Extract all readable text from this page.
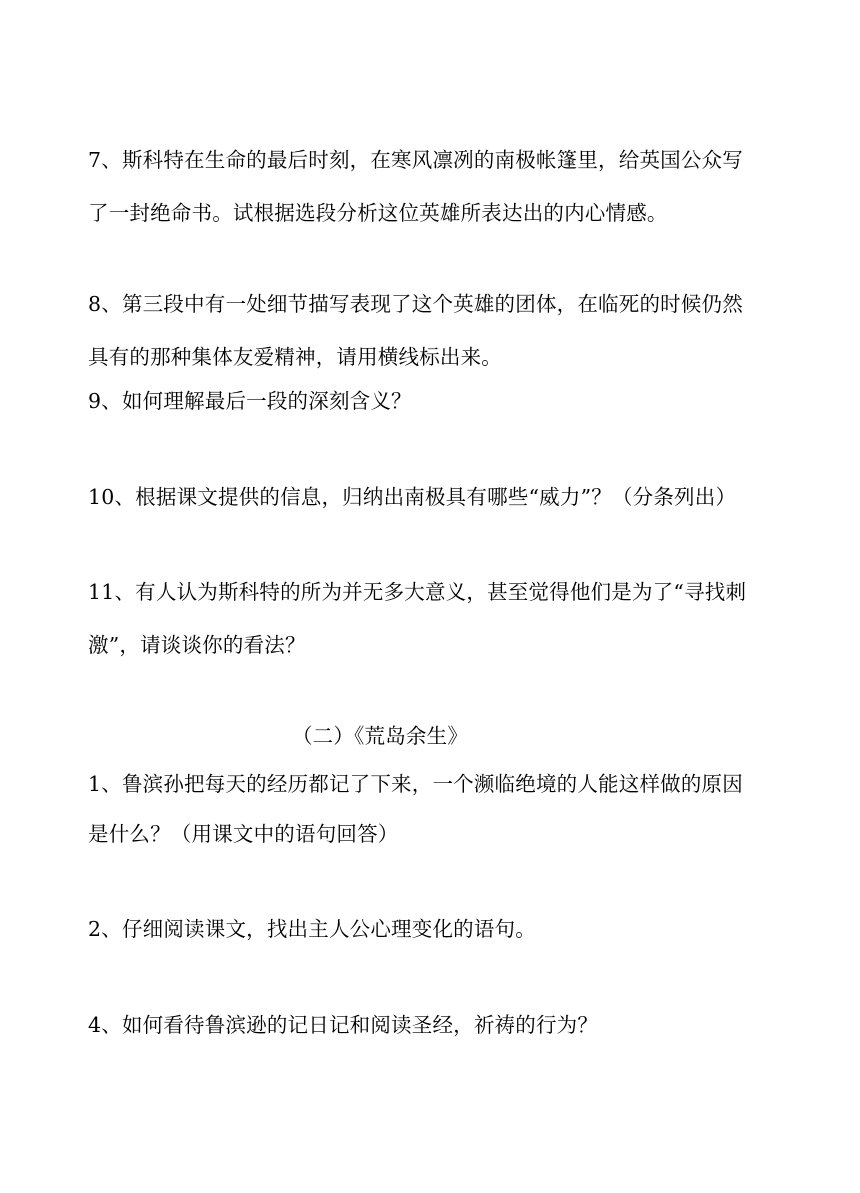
7、斯科特在生命的最后时刻，在寒风凛冽的南极帐篷里，给英国公众写
了一封绝命书。试根据选段分析这位英雄所表达出的内心情感。
8、第三段中有一处细节描写表现了这个英雄的团体，在临死的时候仍然
具有的那种集体友爱精神，请用横线标出来。
9、如何理解最后一段的深刻含义？
10、根据课文提供的信息，归纳出南极具有哪些“威力”？（分条列出）
11、有人认为斯科特的所为并无多大意义，甚至觉得他们是为了“寻找刺
激”，请谈谈你的看法？
（二）《荒岛余生》
1、鲁滨孙把每天的经历都记了下来，一个濒临绝境的人能这样做的原因
是什么？（用课文中的语句回答）
2、仔细阅读课文，找出主人公心理变化的语句。
4、如何看待鲁滨逊的记日记和阅读圣经，祈祷的行为？
